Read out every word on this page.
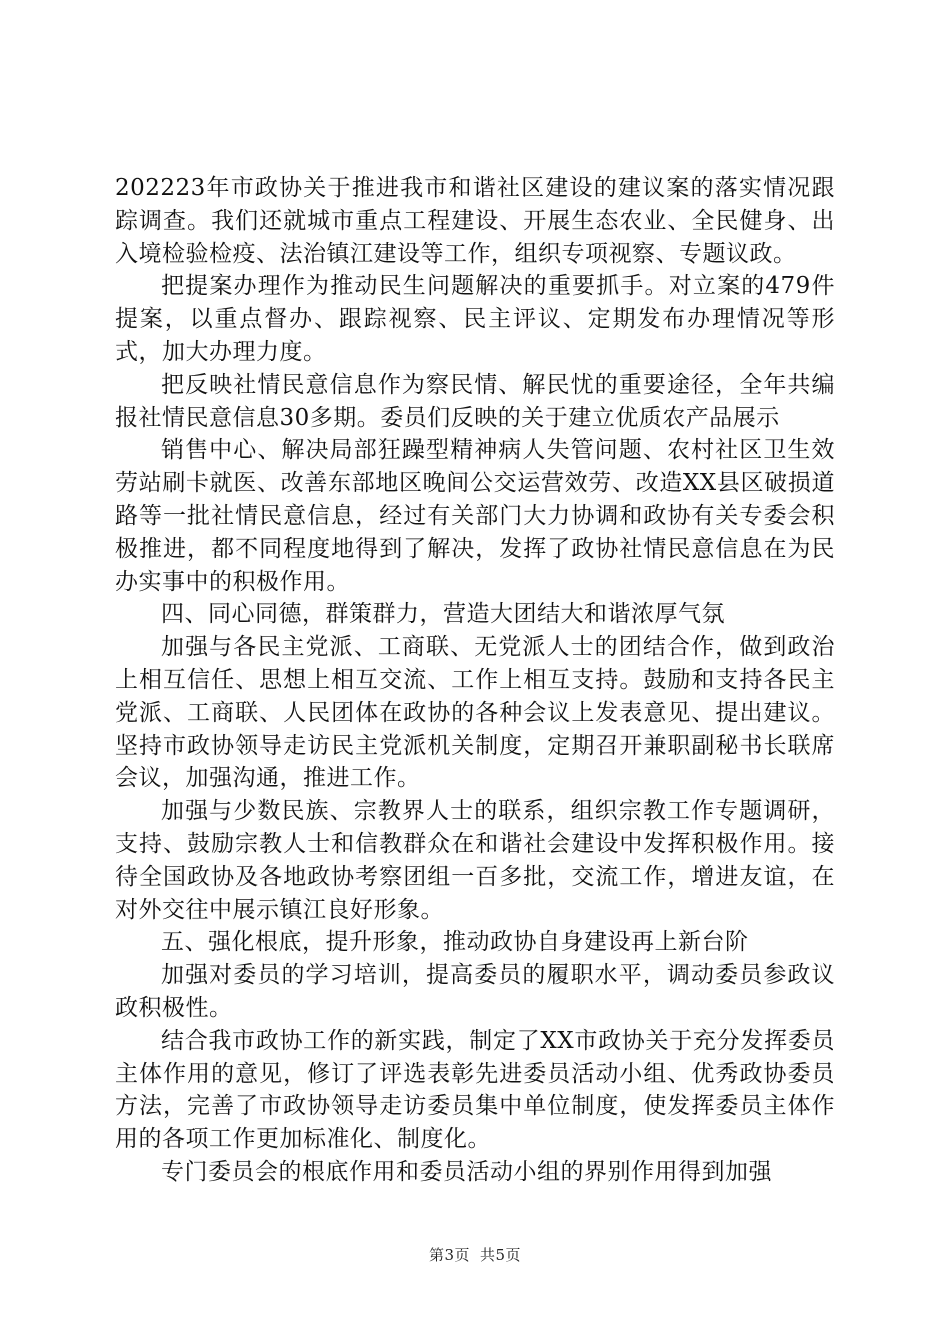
202223年市政协关于推进我市和谐社区建设的建议案的落实情况跟踪调查。我们还就城市重点工程建设、开展生态农业、全民健身、出入境检验检疫、法治镇江建设等工作，组织专项视察、专题议政。

把提案办理作为推动民生问题解决的重要抓手。对立案的479件提案，以重点督办、跟踪视察、民主评议、定期发布办理情况等形式，加大办理力度。

把反映社情民意信息作为察民情、解民忧的重要途径，全年共编报社情民意信息30多期。委员们反映的关于建立优质农产品展示

销售中心、解决局部狂躁型精神病人失管问题、农村社区卫生效劳站刷卡就医、改善东部地区晚间公交运营效劳、改造XX县区破损道路等一批社情民意信息，经过有关部门大力协调和政协有关专委会积极推进，都不同程度地得到了解决，发挥了政协社情民意信息在为民办实事中的积极作用。

四、同心同德，群策群力，营造大团结大和谐浓厚气氛

加强与各民主党派、工商联、无党派人士的团结合作，做到政治上相互信任、思想上相互交流、工作上相互支持。鼓励和支持各民主党派、工商联、人民团体在政协的各种会议上发表意见、提出建议。坚持市政协领导走访民主党派机关制度，定期召开兼职副秘书长联席会议，加强沟通，推进工作。

加强与少数民族、宗教界人士的联系，组织宗教工作专题调研，支持、鼓励宗教人士和信教群众在和谐社会建设中发挥积极作用。接待全国政协及各地政协考察团组一百多批，交流工作，增进友谊，在对外交往中展示镇江良好形象。

五、强化根底，提升形象，推动政协自身建设再上新台阶

加强对委员的学习培训，提高委员的履职水平，调动委员参政议政积极性。

结合我市政协工作的新实践，制定了XX市政协关于充分发挥委员主体作用的意见，修订了评选表彰先进委员活动小组、优秀政协委员方法，完善了市政协领导走访委员集中单位制度，使发挥委员主体作用的各项工作更加标准化、制度化。

专门委员会的根底作用和委员活动小组的界别作用得到加强

第3页 共5页
